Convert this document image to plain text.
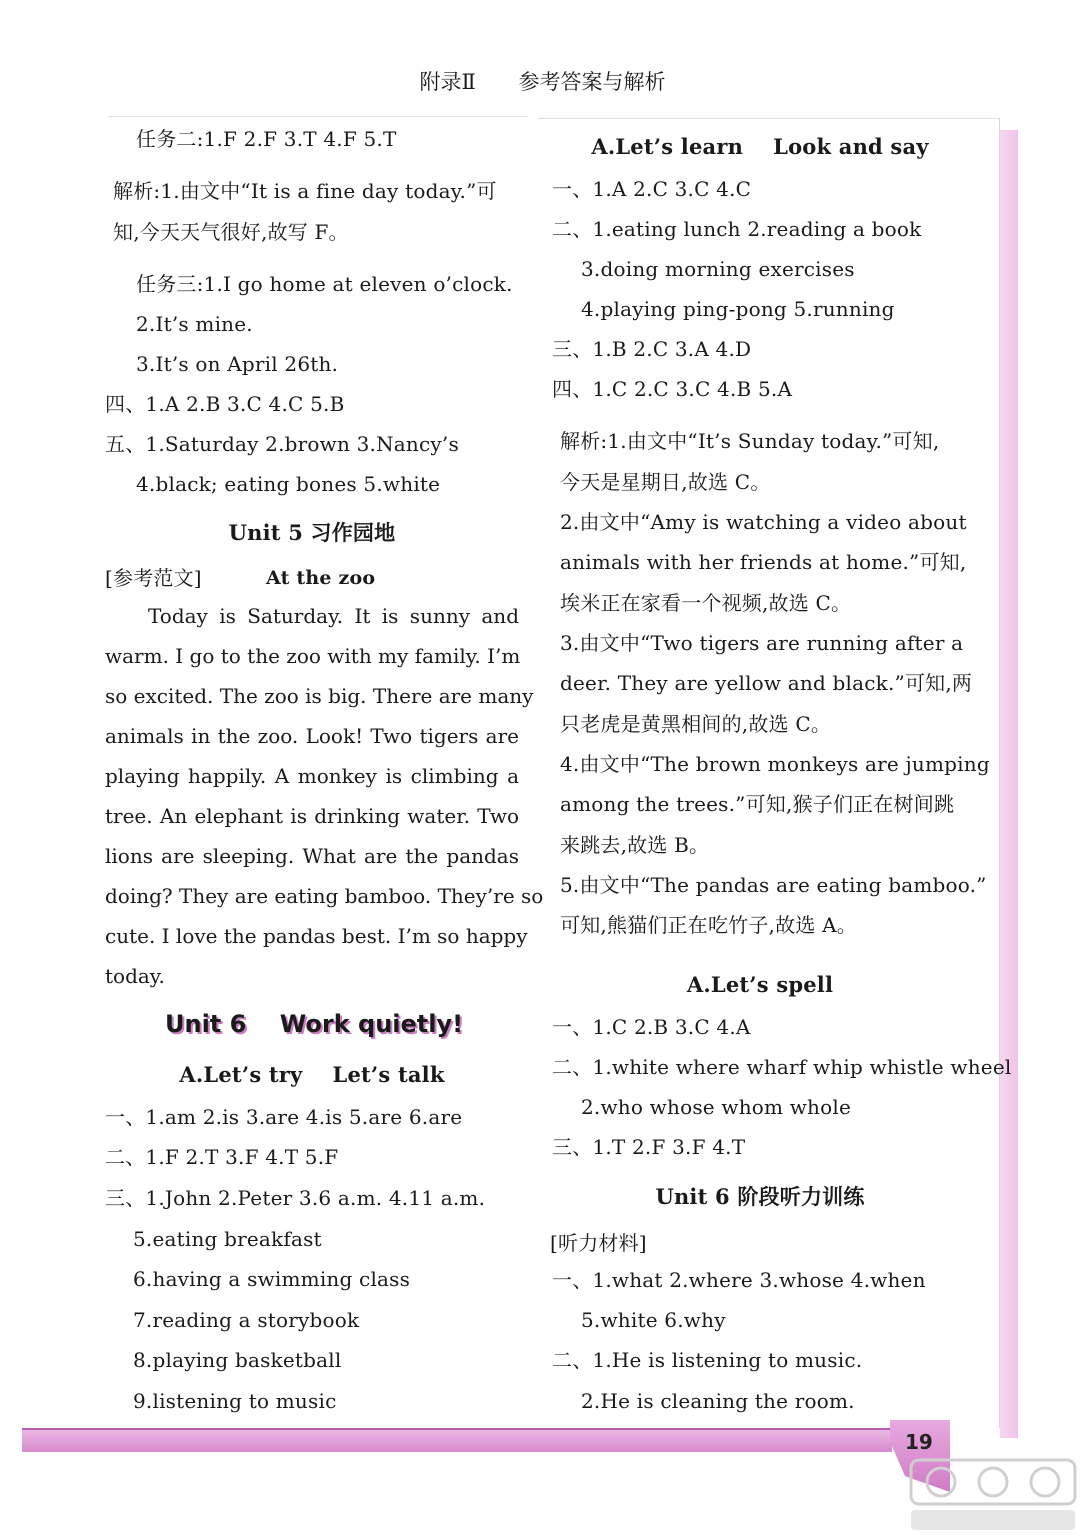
附录Ⅱ 参考答案与解析
任务二:1.F 2.F 3.T 4.F 5.T
解析:1.由文中“It is a fine day today.”可
知,今天天气很好,故写 F。
任务三:1.I go home at eleven o’clock.
2.It’s mine.
3.It’s on April 26th.
四、1.A 2.B 3.C 4.C 5.B
五、1.Saturday 2.brown 3.Nancy’s
4.black; eating bones 5.white
Unit 5 习作园地
[参考范文]	At the zoo
Today is Saturday. It is sunny and
warm. I go to the zoo with my family. I’m
so excited. The zoo is big. There are many
animals in the zoo. Look! Two tigers are
playing happily. A monkey is climbing a
tree. An elephant is drinking water. Two
lions are sleeping. What are the pandas
doing? They are eating bamboo. They’re so
cute. I love the pandas best. I’m so happy
today.
Unit 6    Work quietly!
A.Let’s try    Let’s talk
一、1.am 2.is 3.are 4.is 5.are 6.are
二、1.F 2.T 3.F 4.T 5.F
三、1.John 2.Peter 3.6 a.m. 4.11 a.m.
5.eating breakfast
6.having a swimming class
7.reading a storybook
8.playing basketball
9.listening to music
A.Let’s learn    Look and say
一、1.A 2.C 3.C 4.C
二、1.eating lunch 2.reading a book
3.doing morning exercises
4.playing ping-pong 5.running
三、1.B 2.C 3.A 4.D
四、1.C 2.C 3.C 4.B 5.A
解析:1.由文中“It’s Sunday today.”可知,
今天是星期日,故选 C。
2.由文中“Amy is watching a video about
animals with her friends at home.”可知,
埃米正在家看一个视频,故选 C。
3.由文中“Two tigers are running after a
deer. They are yellow and black.”可知,两
只老虎是黄黑相间的,故选 C。
4.由文中“The brown monkeys are jumping
among the trees.”可知,猴子们正在树间跳
来跳去,故选 B。
5.由文中“The pandas are eating bamboo.”
可知,熊猫们正在吃竹子,故选 A。
A.Let’s spell
一、1.C 2.B 3.C 4.A
二、1.white where wharf whip whistle wheel
2.who whose whom whole
三、1.T 2.F 3.F 4.T
Unit 6 阶段听力训练
[听力材料]
一、1.what 2.where 3.whose 4.when
5.white 6.why
二、1.He is listening to music.
2.He is cleaning the room.
19
